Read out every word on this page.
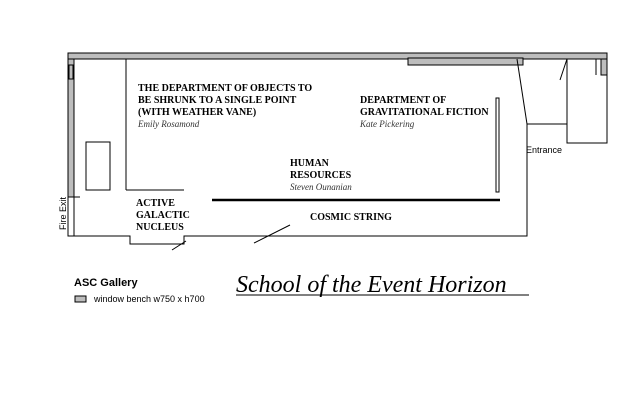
THE DEPARTMENT OF OBJECTS TO
BE SHRUNK TO A SINGLE POINT
(WITH WEATHER VANE)
Emily Rosamond
DEPARTMENT OF
GRAVITATIONAL FICTION
Kate Pickering
HUMAN
RESOURCES
Steven Ounanian
ACTIVE
GALACTIC
NUCLEUS
COSMIC STRING
Entrance
Fire Exit
ASC Gallery
window bench w750 x h700
School of the Event Horizon
